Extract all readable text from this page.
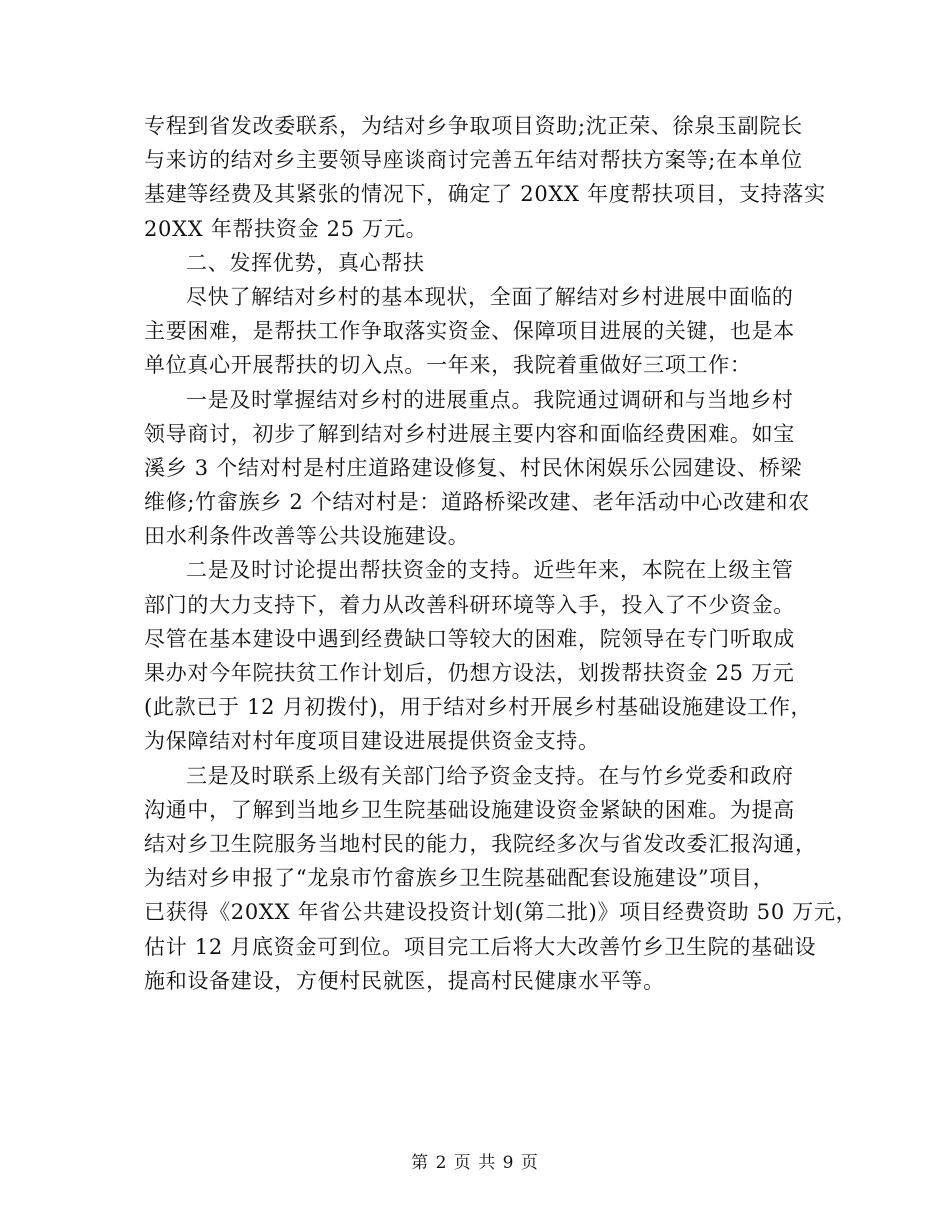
专程到省发改委联系，为结对乡争取项目资助;沈正荣、徐泉玉副院长
与来访的结对乡主要领导座谈商讨完善五年结对帮扶方案等;在本单位
基建等经费及其紧张的情况下，确定了 20XX 年度帮扶项目，支持落实
20XX 年帮扶资金 25 万元。
二、发挥优势，真心帮扶
尽快了解结对乡村的基本现状，全面了解结对乡村进展中面临的
主要困难，是帮扶工作争取落实资金、保障项目进展的关键，也是本
单位真心开展帮扶的切入点。一年来，我院着重做好三项工作：
一是及时掌握结对乡村的进展重点。我院通过调研和与当地乡村
领导商讨，初步了解到结对乡村进展主要内容和面临经费困难。如宝
溪乡 3 个结对村是村庄道路建设修复、村民休闲娱乐公园建设、桥梁
维修;竹畲族乡 2 个结对村是：道路桥梁改建、老年活动中心改建和农
田水利条件改善等公共设施建设。
二是及时讨论提出帮扶资金的支持。近些年来，本院在上级主管
部门的大力支持下，着力从改善科研环境等入手，投入了不少资金。
尽管在基本建设中遇到经费缺口等较大的困难，院领导在专门听取成
果办对今年院扶贫工作计划后，仍想方设法，划拨帮扶资金 25 万元
(此款已于 12 月初拨付)，用于结对乡村开展乡村基础设施建设工作，
为保障结对村年度项目建设进展提供资金支持。
三是及时联系上级有关部门给予资金支持。在与竹乡党委和政府
沟通中，了解到当地乡卫生院基础设施建设资金紧缺的困难。为提高
结对乡卫生院服务当地村民的能力，我院经多次与省发改委汇报沟通，
为结对乡申报了“龙泉市竹畲族乡卫生院基础配套设施建设”项目，
已获得《20XX 年省公共建设投资计划(第二批)》项目经费资助 50 万元，
估计 12 月底资金可到位。项目完工后将大大改善竹乡卫生院的基础设
施和设备建设，方便村民就医，提高村民健康水平等。
第 2 页 共 9 页
